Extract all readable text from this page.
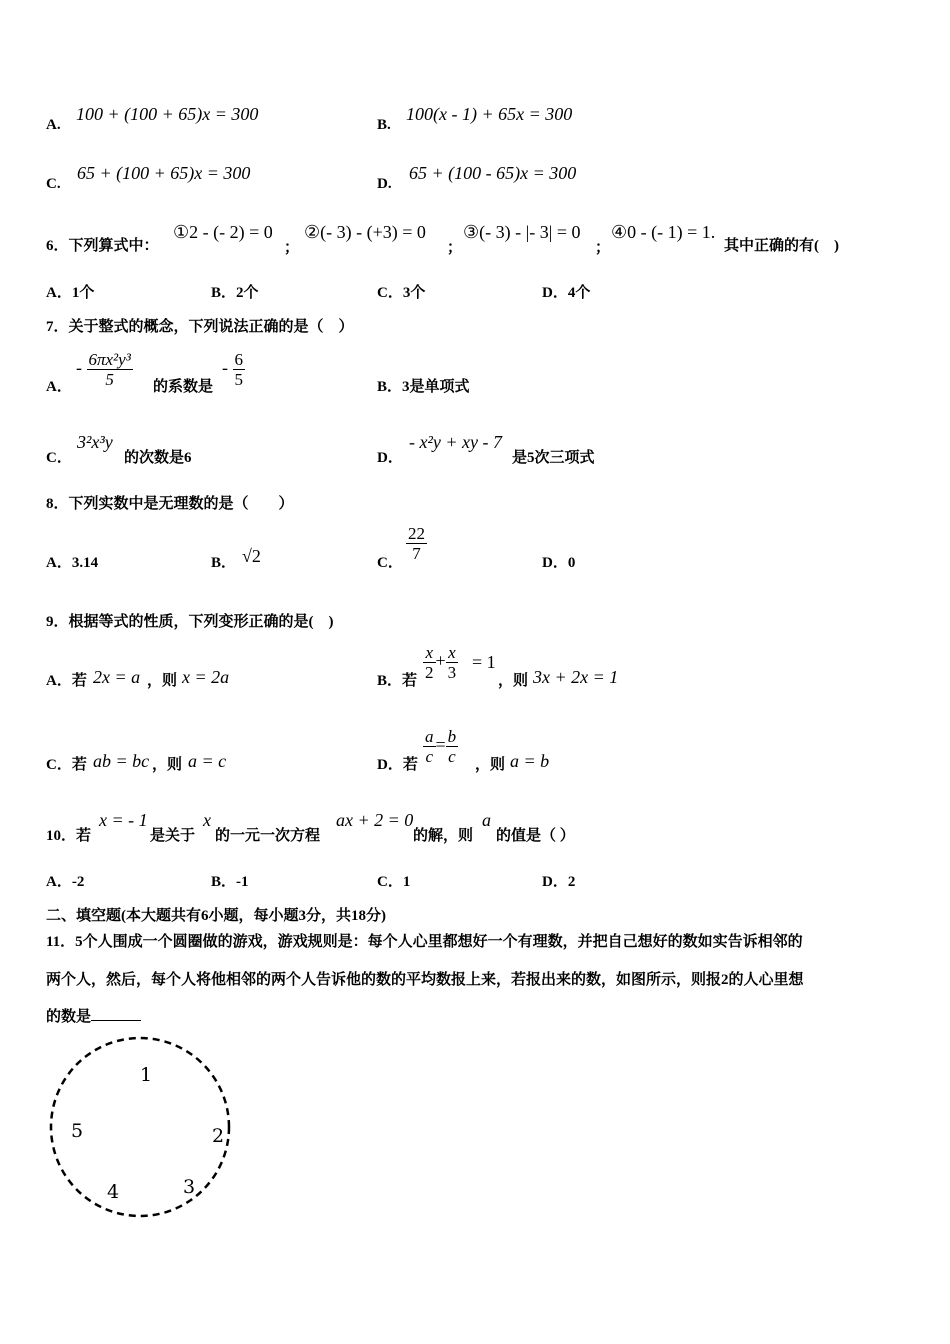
A.
100 + (100 + 65)x = 300
B.
100(x - 1) + 65x = 300
C.
65 + (100 + 65)x = 300
D.
65 + (100 - 65)x = 300
6．下列算式中：
①2 - (- 2) = 0
；
②(- 3) - (+3) = 0
；
③(- 3) - |- 3| = 0
；
④0 - (- 1) = 1.
其中正确的有(　)
A．1个	B．2个	C．3个	D．4个
7．关于整式的概念，下列说法正确的是（　）
A．
- $\frac{\text{6πx²y³}}{5}$ 的系数是
- $\frac{6}{5}$	B．3是单项式
C．
3²x³y
的次数是6	D．
- x²y + xy - 7
是5次三项式
8．下列实数中是无理数的是（　　）
A．3.14	B． √2	C． $\frac{22}{7}$	D．0
9．根据等式的性质，下列变形正确的是(　)
A．若 2x = a ，则 x = 2a	B．若 $\frac{x}{2} + \frac{x}{3} = 1$
，则 3x + 2x = 1
C．若 ab = bc ，则 a = c	D．若 $\frac{a}{c} = \frac{b}{c}$ ，则 a = b
10．若
x = - 1
是关于
x
的一元一次方程
ax + 2 = 0
的解，则
a
的值是（ ）
A．-2	B．-1	C．1	D．2
二、填空题(本大题共有6小题，每小题3分，共18分)
11．5个人围成一个圆圈做的游戏，游戏规则是：每个人心里都想好一个有理数，并把自己想好的数如实告诉相邻的
两个人，然后，每个人将他相邻的两个人告诉他的数的平均数报上来，若报出来的数，如图所示，则报2的人心里想
的数是
1
2
3
4
5
